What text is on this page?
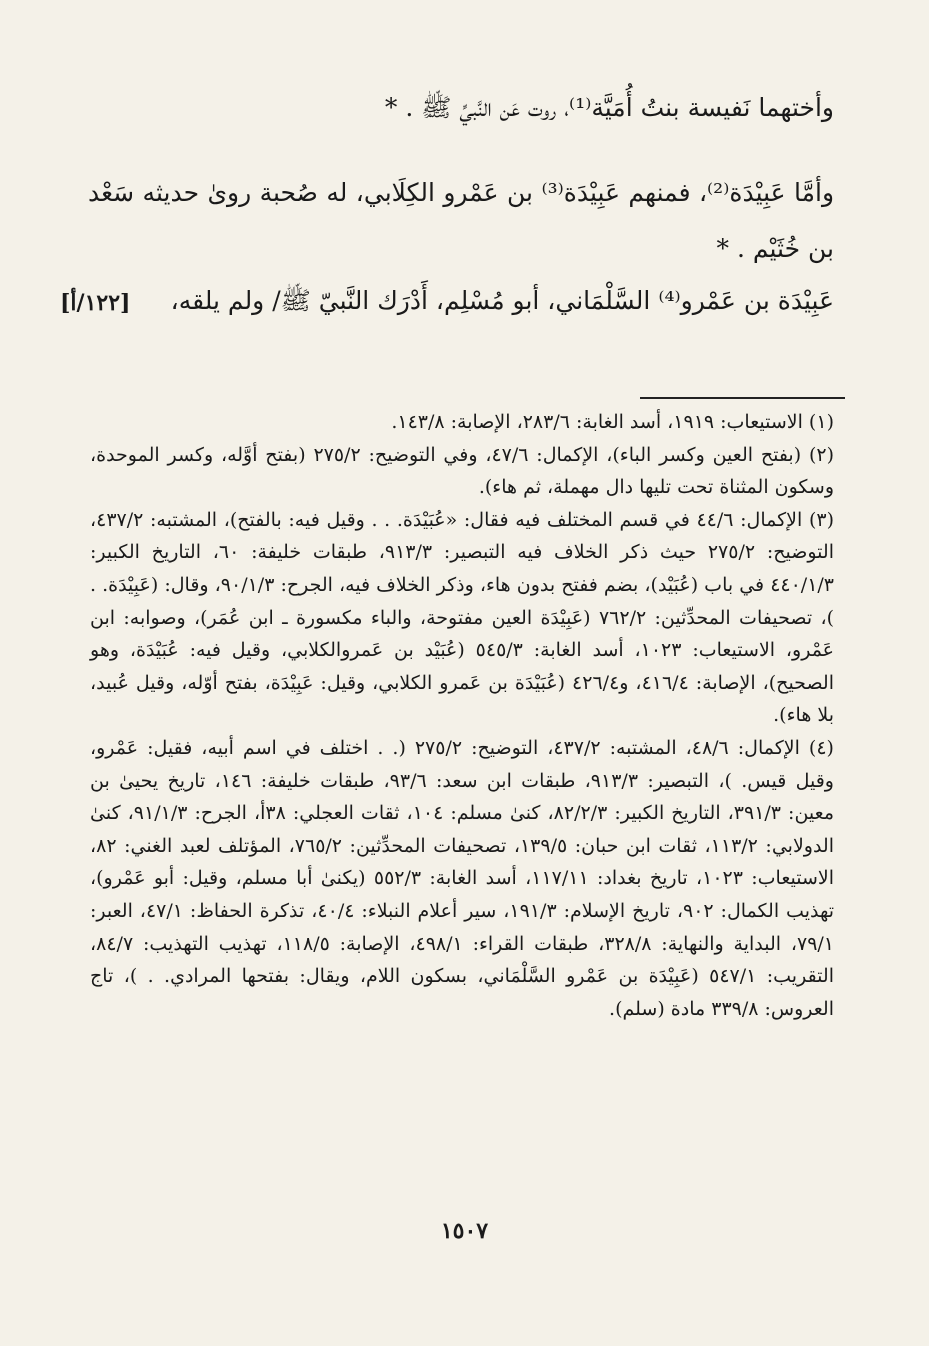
وأختهما نَفيسة بنتُ أُمَيَّة⁽¹⁾، روت عَن النَّبيِّ ﷺ . *

وأمَّا عَبِيْدَة⁽²⁾، فمنهم عَبِيْدَة⁽³⁾ بن عَمْرو الكِلَابي، له صُحبة روىٰ حديثه سَعْد بن خُثَيْم . *

عَبِيْدَة بن عَمْرو⁽⁴⁾ السَّلْمَاني، أبو مُسْلِم، أَدْرَك النَّبيّ ﷺ/ ولم يلقه،

[١٢٢/أ]

(١) الاستيعاب: ١٩١٩، أسد الغابة: ٢٨٣/٦، الإصابة: ١٤٣/٨.

(٢) (بفتح العين وكسر الباء)، الإكمال: ٤٧/٦، وفي التوضيح: ٢٧٥/٢ (بفتح أوَّله، وكسر الموحدة، وسكون المثناة تحت تليها دال مهملة، ثم هاء).

(٣) الإكمال: ٤٤/٦ في قسم المختلف فيه فقال: «عُبَيْدَة. . . وقيل فيه: بالفتح)، المشتبه: ٤٣٧/٢، التوضيح: ٢٧٥/٢ حيث ذكر الخلاف فيه التبصير: ٩١٣/٣، طبقات خليفة: ٦٠، التاريخ الكبير: ٤٤٠/١/٣ في باب (عُبَيْد)، بضم ففتح بدون هاء، وذكر الخلاف فيه، الجرح: ٩٠/١/٣، وقال: (عَبِيْدَة. . )، تصحيفات المحدِّثين: ٧٦٢/٢ (عَبِيْدَة العين مفتوحة، والباء مكسورة ـ ابن عُمَر)، وصوابه: ابن عَمْرو، الاستيعاب: ١٠٢٣، أسد الغابة: ٥٤٥/٣ (عُبَيْد بن عَمروالكلابي، وقيل فيه: عُبَيْدَة، وهو الصحيح)، الإصابة: ٤١٦/٤، و٤٢٦/٤ (عُبَيْدَة بن عَمرو الكلابي، وقيل: عَبِيْدَة، بفتح أوّله، وقيل عُبيد، بلا هاء).

(٤) الإكمال: ٤٨/٦، المشتبه: ٤٣٧/٢، التوضيح: ٢٧٥/٢ (. . اختلف في اسم أبيه، فقيل: عَمْرو، وقيل قيس. )، التبصير: ٩١٣/٣، طبقات ابن سعد: ٩٣/٦، طبقات خليفة: ١٤٦، تاريخ يحيىٰ بن معين: ٣٩١/٣، التاريخ الكبير: ٨٢/٢/٣، كنىٰ مسلم: ١٠٤، ثقات العجلي: ٣٨أ، الجرح: ٩١/١/٣، كنىٰ الدولابي: ١١٣/٢، ثقات ابن حبان: ١٣٩/٥، تصحيفات المحدِّثين: ٧٦٥/٢، المؤتلف لعبد الغني: ٨٢، الاستيعاب: ١٠٢٣، تاريخ بغداد: ١١٧/١١، أسد الغابة: ٥٥٢/٣ (يكنىٰ أبا مسلم، وقيل: أبو عَمْرو)، تهذيب الكمال: ٩٠٢، تاريخ الإسلام: ١٩١/٣، سير أعلام النبلاء: ٤٠/٤، تذكرة الحفاظ: ٤٧/١، العبر: ٧٩/١، البداية والنهاية: ٣٢٨/٨، طبقات القراء: ٤٩٨/١، الإصابة: ١١٨/٥، تهذيب التهذيب: ٨٤/٧، التقريب: ٥٤٧/١ (عَبِيْدَة بن عَمْرو السَّلْمَاني، بسكون اللام، ويقال: بفتحها المرادي. . )، تاج العروس: ٣٣٩/٨ مادة (سلم).

١٥٠٧
